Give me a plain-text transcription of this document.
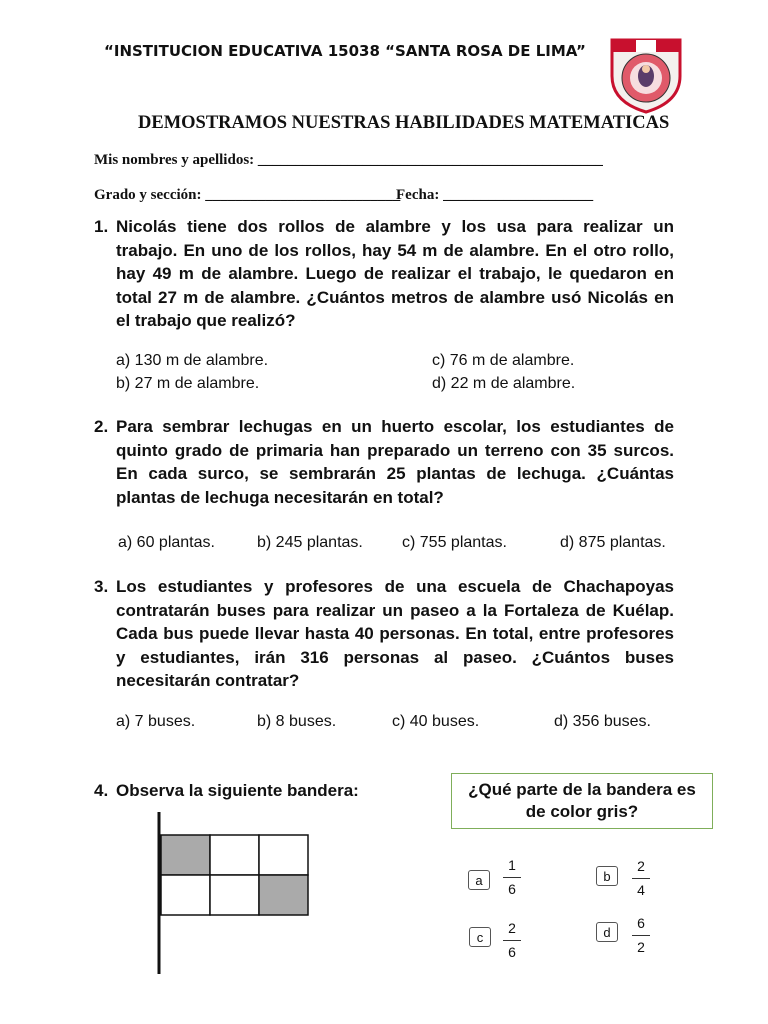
“INSTITUCION EDUCATIVA 15038 “SANTA ROSA DE LIMA”
DEMOSTRAMOS NUESTRAS HABILIDADES MATEMATICAS
Mis nombres y apellidos: ______________________________________________
Grado y sección: __________________________
Fecha: ____________________
1. Nicolás tiene dos rollos de alambre y los usa para realizar un trabajo. En uno de los rollos, hay 54 m de alambre. En el otro rollo, hay 49 m de alambre. Luego de realizar el trabajo, le quedaron en total 27 m de alambre. ¿Cuántos metros de alambre usó Nicolás en el trabajo que realizó?
a) 130 m de alambre.	c) 76 m de alambre.
b) 27 m de alambre.	d) 22 m de alambre.
2. Para sembrar lechugas en un huerto escolar, los estudiantes de quinto grado de primaria han preparado un terreno con 35 surcos. En cada surco, se sembrarán 25 plantas de lechuga. ¿Cuántas plantas de lechuga necesitarán en total?
a) 60 plantas.	b) 245 plantas. c) 755 plantas.	d) 875 plantas.
3. Los estudiantes y profesores de una escuela de Chachapoyas contratarán buses para realizar un paseo a la Fortaleza de Kuélap. Cada bus puede llevar hasta 40 personas. En total, entre profesores y estudiantes, irán 316 personas al paseo. ¿Cuántos buses necesitarán contratar?
a) 7 buses.	b) 8 buses.	c) 40 buses.	d) 356 buses.
4. Observa la siguiente bandera:	¿Qué parte de la bandera es de color gris?
a
1
6
b
2
4
c
2
6
d
6
2
